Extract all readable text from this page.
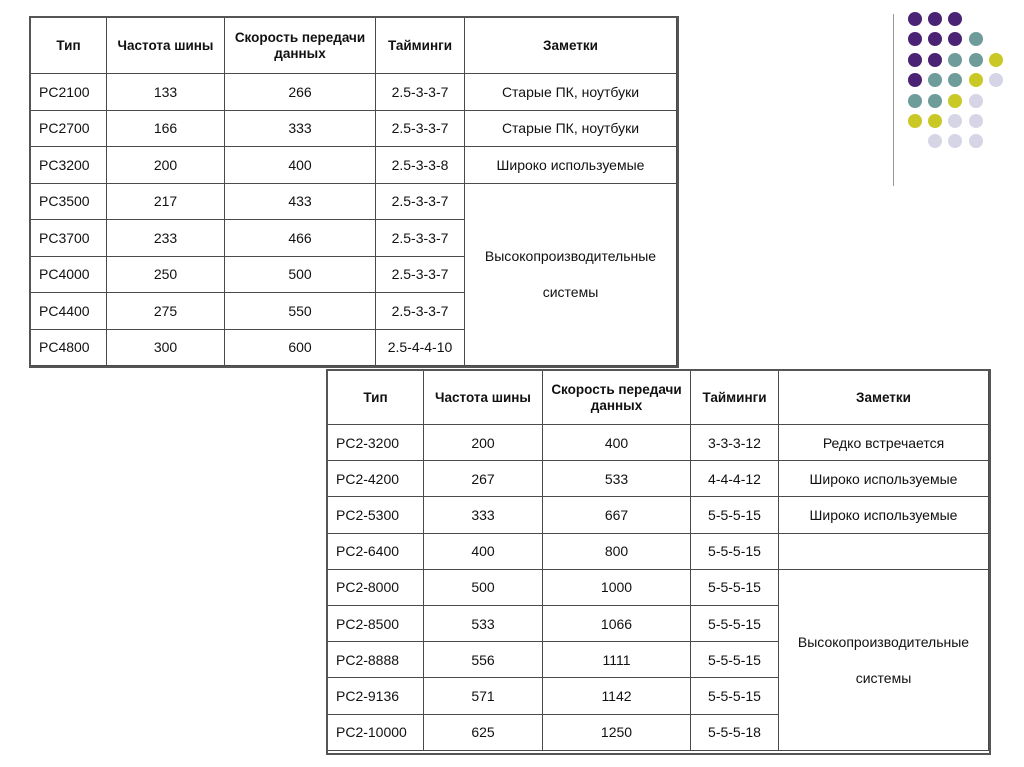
Тип	Частота шины	Скорость передачи данных	Тайминги	Заметки
PC2100	133	266	2.5-3-3-7	Старые ПК, ноутбуки
PC2700	166	333	2.5-3-3-7	Старые ПК, ноутбуки
PC3200	200	400	2.5-3-3-8	Широко используемые
PC3500	217	433	2.5-3-3-7	Высокопроизводительные системы
PC3700	233	466	2.5-3-3-7	
PC4000	250	500	2.5-3-3-7	
PC4400	275	550	2.5-3-3-7	
PC4800	300	600	2.5-4-4-10	
Тип	Частота шины	Скорость передачи данных	Тайминги	Заметки
PC2-3200	200	400	3-3-3-12	Редко встречается
PC2-4200	267	533	4-4-4-12	Широко используемые
PC2-5300	333	667	5-5-5-15	Широко используемые
PC2-6400	400	800	5-5-5-15	
PC2-8000	500	1000	5-5-5-15	Высокопроизводительные системы
PC2-8500	533	1066	5-5-5-15	
PC2-8888	556	1111	5-5-5-15	
PC2-9136	571	1142	5-5-5-15	
PC2-10000	625	1250	5-5-5-18	
